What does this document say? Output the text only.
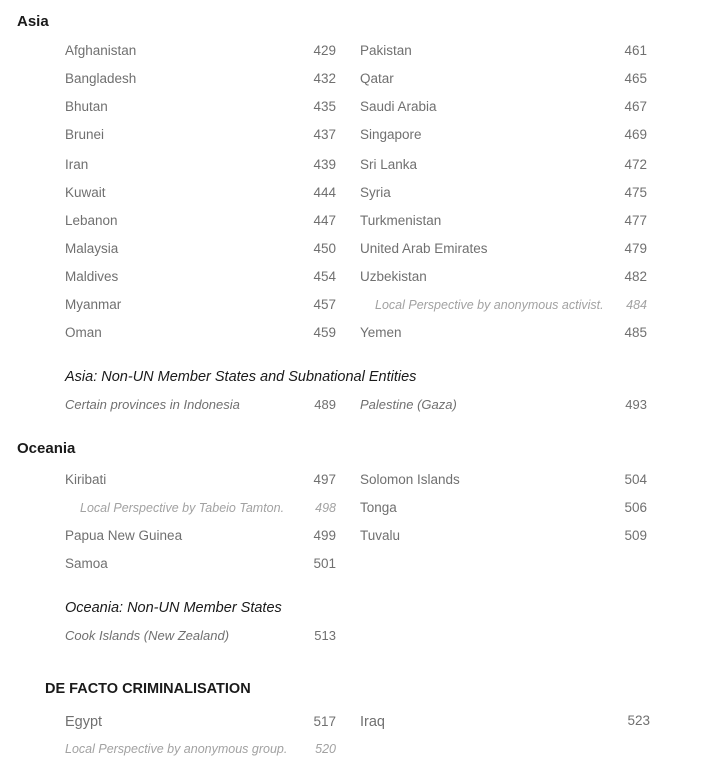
Asia
Afghanistan	429
Bangladesh	432
Bhutan	435
Brunei	437
Iran	439
Kuwait	444
Lebanon	447
Malaysia	450
Maldives	454
Myanmar	457
Oman	459
Pakistan	461
Qatar	465
Saudi Arabia	467
Singapore	469
Sri Lanka	472
Syria	475
Turkmenistan	477
United Arab Emirates	479
Uzbekistan	482
Local Perspective by anonymous activist.	484
Yemen	485
Asia: Non-UN Member States and Subnational Entities
Certain provinces in Indonesia	489 Palestine (Gaza)	493
Oceania
Kiribati	497
Local Perspective by Tabeio Tamton.	498
Papua New Guinea	499
Samoa	501
Solomon Islands	504
Tonga	506
Tuvalu	509
Oceania: Non-UN Member States
Cook Islands (New Zealand)	513
DE FACTO CRIMINALISATION
Egypt	517
Local Perspective by anonymous group.	520
Iraq	523
